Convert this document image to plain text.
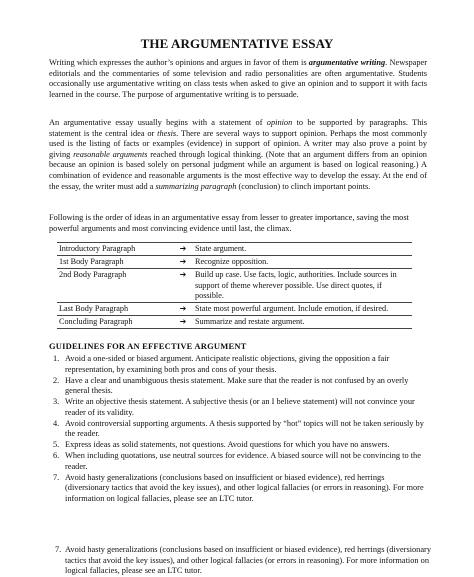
THE ARGUMENTATIVE ESSAY

Writing which expresses the author’s opinions and argues in favor of them is argumentative writing. Newspaper editorials and the commentaries of some television and radio personalities are often argumentative. Students occasionally use argumentative writing on class tests when asked to give an opinion and to support it with facts learned in the course. The purpose of argumentative writing is to persuade.

An argumentative essay usually begins with a statement of opinion to be supported by paragraphs. This statement is the central idea or thesis. There are several ways to support opinion. Perhaps the most commonly used is the listing of facts or examples (evidence) in support of opinion. A writer may also prove a point by giving reasonable arguments reached through logical thinking. (Note that an argument differs from an opinion because an opinion is based solely on personal judgment while an argument is based on logical reasoning.) A combination of evidence and reasonable arguments is the most effective way to develop the essay. At the end of the essay, the writer must add a summarizing paragraph (conclusion) to clinch important points.

Following is the order of ideas in an argumentative essay from lesser to greater importance, saving the most powerful arguments and most convincing evidence until last, the climax.

Introductory Paragraph	➔	State argument.
1st Body Paragraph	➔	Recognize opposition.
2nd Body Paragraph	➔	Build up case. Use facts, logic, authorities. Include sources in support of theme wherever possible. Use direct quotes, if possible.
Last Body Paragraph	➔	State most powerful argument. Include emotion, if desired.
Concluding Paragraph	➔	Summarize and restate argument.
GUIDELINES FOR AN EFFECTIVE ARGUMENT
1. Avoid a one-sided or biased argument. Anticipate realistic objections, giving the opposition a fair representation, by examining both pros and cons of your thesis.
2. Have a clear and unambiguous thesis statement. Make sure that the reader is not confused by an overly general thesis.
3. Write an objective thesis statement. A subjective thesis (or an I believe statement) will not convince your reader of its validity.
4. Avoid controversial supporting arguments. A thesis supported by “hot” topics will not be taken seriously by the reader.
5. Express ideas as solid statements, not questions. Avoid questions for which you have no answers.
6. When including quotations, use neutral sources for evidence. A biased source will not be convincing to the reader.
7. Avoid hasty generalizations (conclusions based on insufficient or biased evidence), red herrings (diversionary tactics that avoid the key issues), and other logical fallacies (or errors in reasoning). For more information on logical fallacies, please see an LTC tutor.

7. Avoid hasty generalizations (conclusions based on insufficient or biased evidence), red herrings (diversionary tactics that avoid the key issues), and other logical fallacies (or errors in reasoning). For more information on logical fallacies, please see an LTC tutor.
